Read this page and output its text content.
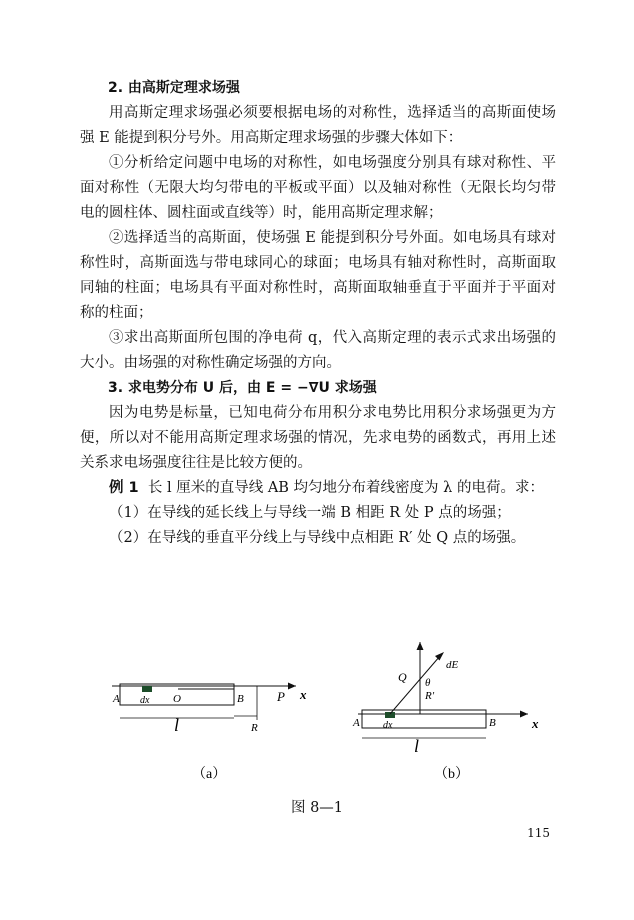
2. 由高斯定理求场强

用高斯定理求场强必须要根据电场的对称性，选择适当的高斯面使场强 E 能提到积分号外。用高斯定理求场强的步骤大体如下：

①分析给定问题中电场的对称性，如电场强度分别具有球对称性、平面对称性（无限大均匀带电的平板或平面）以及轴对称性（无限长均匀带电的圆柱体、圆柱面或直线等）时，能用高斯定理求解；

②选择适当的高斯面，使场强 E 能提到积分号外面。如电场具有球对称性时，高斯面选与带电球同心的球面；电场具有轴对称性时，高斯面取同轴的柱面；电场具有平面对称性时，高斯面取轴垂直于平面并于平面对称的柱面；

③求出高斯面所包围的净电荷 q，代入高斯定理的表示式求出场强的大小。由场强的对称性确定场强的方向。

3. 求电势分布 U 后，由 E = −∇U 求场强

因为电势是标量，已知电荷分布用积分求电势比用积分求场强更为方便，所以对不能用高斯定理求场强的情况，先求电势的函数式，再用上述关系求电场强度往往是比较方便的。

例 1 长 l 厘米的直导线 AB 均匀地分布着线密度为 λ 的电荷。求：

（1）在导线的延长线上与导线一端 B 相距 R 处 P 点的场强；

（2）在导线的垂直平分线上与导线中点相距 R′ 处 Q 点的场强。

A dx O	B	P x
l	R
（a）
dE
Q θ
R′
A dx	B	x
l
（b）
图 8—1
115
